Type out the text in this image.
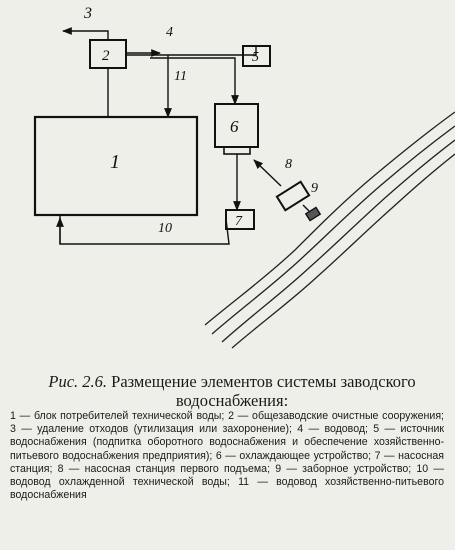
1
2	5
6
7
3
4
11
8
9
10
Рис. 2.6. Размещение элементов системы заводского водоснабжения:
1 — блок потребителей технической воды; 2 — общезаводские очистные сооружения; 3 — удаление отходов (утилизация или захоронение); 4 — водовод; 5 — источник водоснабжения (подпитка оборотного водоснабжения и обеспечение хозяйственно-питьевого водоснабжения предприятия); 6 — охлаждающее устройство; 7 — насосная станция; 8 — насосная станция первого подъема; 9 — заборное устройство; 10 — водовод охлажденной технической воды; 11 — водовод хозяйственно-питьевого водоснабжения
